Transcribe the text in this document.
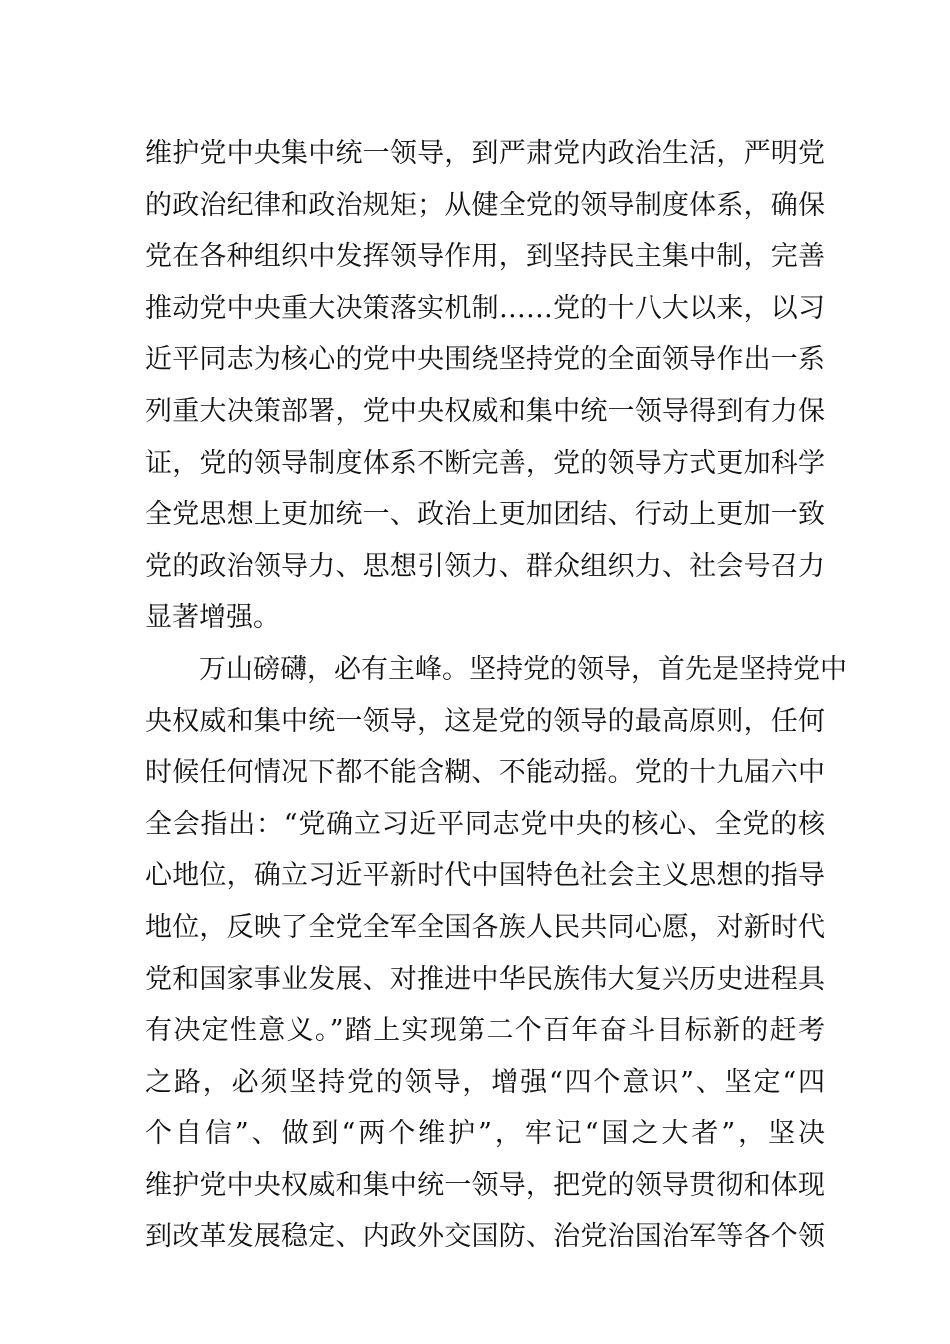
维护党中央集中统一领导，到严肃党内政治生活，严明党
的政治纪律和政治规矩；从健全党的领导制度体系，确保
党在各种组织中发挥领导作用，到坚持民主集中制，完善
推动党中央重大决策落实机制……党的十八大以来，以习
近平同志为核心的党中央围绕坚持党的全面领导作出一系
列重大决策部署，党中央权威和集中统一领导得到有力保
证，党的领导制度体系不断完善，党的领导方式更加科学
全党思想上更加统一、政治上更加团结、行动上更加一致
党的政治领导力、思想引领力、群众组织力、社会号召力
显著增强。
万山磅礴，必有主峰。坚持党的领导，首先是坚持党中
央权威和集中统一领导，这是党的领导的最高原则，任何
时候任何情况下都不能含糊、不能动摇。党的十九届六中
全会指出：“党确立习近平同志党中央的核心、全党的核
心地位，确立习近平新时代中国特色社会主义思想的指导
地位，反映了全党全军全国各族人民共同心愿，对新时代
党和国家事业发展、对推进中华民族伟大复兴历史进程具
有决定性意义。”踏上实现第二个百年奋斗目标新的赶考
之路，必须坚持党的领导，增强“四个意识”、坚定“四
个自信”、做到“两个维护”，牢记“国之大者”，坚决
维护党中央权威和集中统一领导，把党的领导贯彻和体现
到改革发展稳定、内政外交国防、治党治国治军等各个领
